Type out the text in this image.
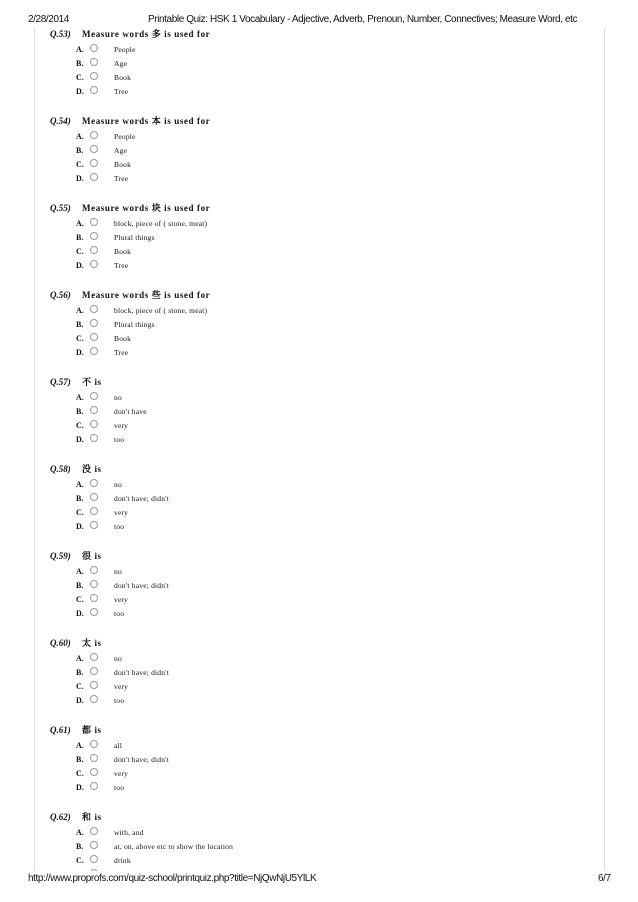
2/28/2014	Printable Quiz: HSK 1 Vocabulary - Adjective, Adverb, Prenoun, Number, Connectives; Measure Word, etc
Q.53) Measure words 多 is used for
A.	People
B.	Age
C.	Book
D.	Tree
Q.54) Measure words 本 is used for
A.	People
B.	Age
C.	Book
D.	Tree
Q.55) Measure words 块 is used for
A.	block, piece of ( stone, meat)
B.	Plural things
C.	Book
D.	Tree
Q.56) Measure words 些 is used for
A.	block, piece of ( stone, meat)
B.	Plural things
C.	Book
D.	Tree
Q.57) 不 is
A.	no
B.	don't have
C.	very
D.	too
Q.58) 没 is
A.	no
B.	don't have; didn't
C.	very
D.	too
Q.59) 很 is
A.	no
B.	don't have; didn't
C.	very
D.	too
Q.60) 太 is
A.	no
B.	don't have; didn't
C.	very
D.	too
Q.61) 都 is
A.	all
B.	don't have; didn't
C.	very
D.	too
Q.62) 和 is
A.	with, and
B.	at, on, above etc to show the location
C.	drink
http://www.proprofs.com/quiz-school/printquiz.php?title=NjQwNjU5YlLK	6/7
